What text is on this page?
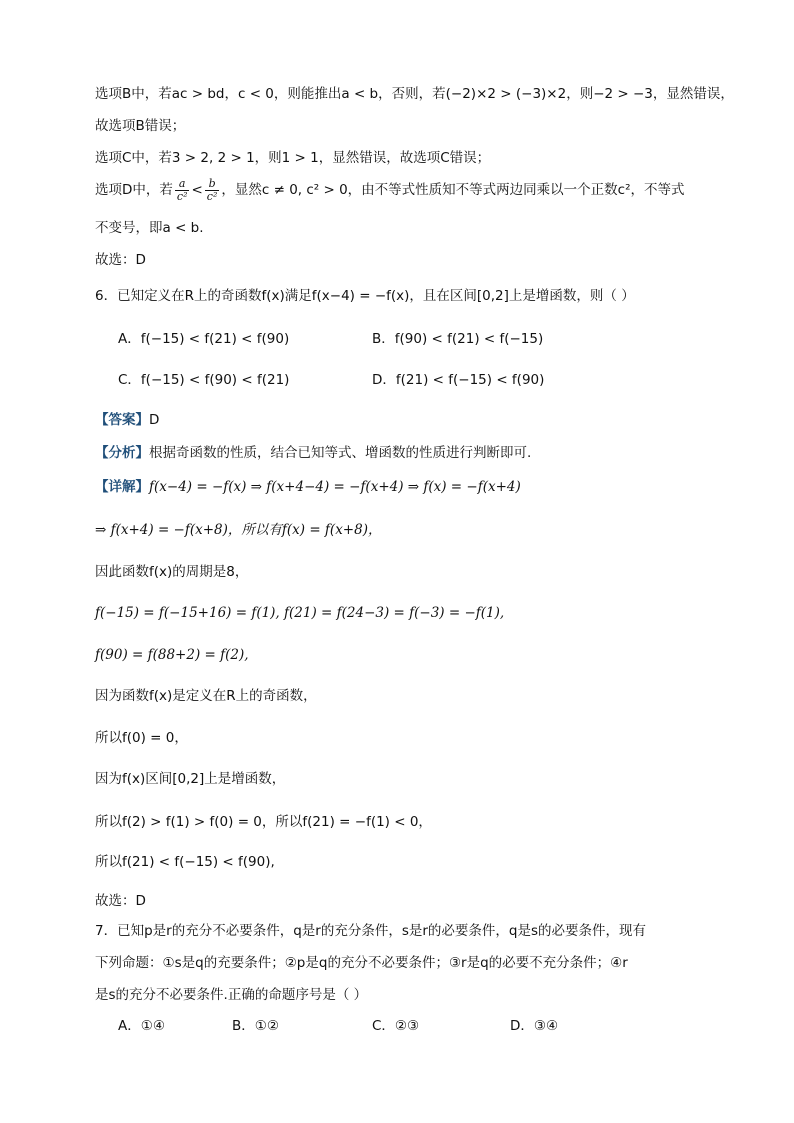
选项B中，若ac > bd，c < 0，则能推出a < b，否则，若(−2)×2 > (−3)×2，则−2 > −3，显然错误，
故选项B错误；
选项C中，若3 > 2, 2 > 1，则1 > 1，显然错误，故选项C错误；
选项D中，若 $\frac{a}{\text{c²}} < \frac{b}{\text{c²}}$ ，显然c ≠ 0, c² > 0，由不等式性质知不等式两边同乘以一个正数c²，不等式
不变号，即a < b.
故选：D
6．已知定义在R上的奇函数f(x)满足f(x−4) = −f(x)，且在区间[0,2]上是增函数，则（ ）
A．f(−15) < f(21) < f(90)	B．f(90) < f(21) < f(−15)
C．f(−15) < f(90) < f(21)	D．f(21) < f(−15) < f(90)
【答案】D
【分析】根据奇函数的性质，结合已知等式、增函数的性质进行判断即可.
【详解】f(x−4) = −f(x) ⇒ f(x+4−4) = −f(x+4) ⇒ f(x) = −f(x+4)
⇒ f(x+4) = −f(x+8)，所以有f(x) = f(x+8)，
因此函数f(x)的周期是8，
f(−15) = f(−15+16) = f(1), f(21) = f(24−3) = f(−3) = −f(1),
f(90) = f(88+2) = f(2),
因为函数f(x)是定义在R上的奇函数，
所以f(0) = 0，
因为f(x)区间[0,2]上是增函数，
所以f(2) > f(1) > f(0) = 0，所以f(21) = −f(1) < 0，
所以f(21) < f(−15) < f(90),
故选：D
7．已知p是r的充分不必要条件，q是r的充分条件，s是r的必要条件，q是s的必要条件，现有
下列命题：①s是q的充要条件；②p是q的充分不必要条件；③r是q的必要不充分条件；④r
是s的充分不必要条件.正确的命题序号是（ ）
A．①④	B．①②	C．②③	D．③④
